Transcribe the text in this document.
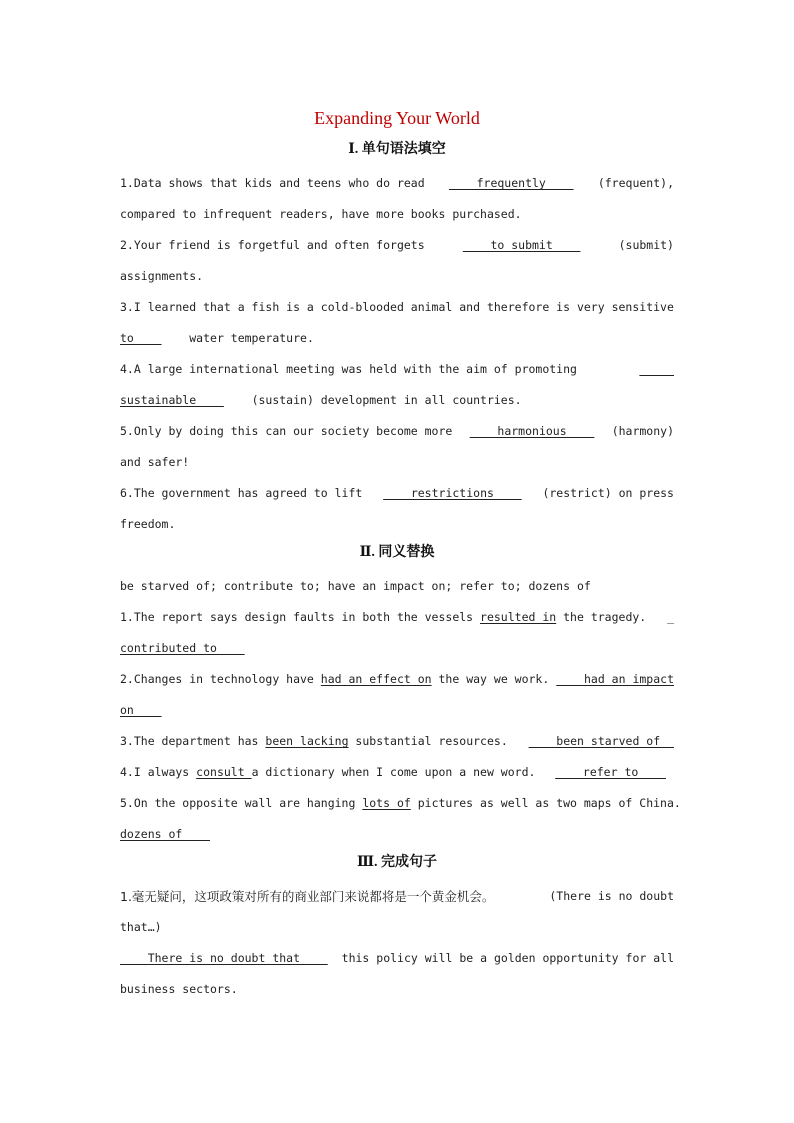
Expanding Your World
Ⅰ. 单句语法填空
1.Data shows that kids and teens who do read frequently (frequent),
compared to infrequent readers, have more books purchased.
2.Your friend is forgetful and often forgets	to submit	(submit)
assignments.
3.I learned that a fish is a cold-blooded animal and therefore is very sensitive
to
water temperature.
4.A large international meeting was held with the aim of promoting

sustainable
(sustain) development in all countries.
5.Only by doing this can our society become more harmonious (harmony)
and safer!
6.The government has agreed to lift restrictions (restrict) on press
freedom.
Ⅱ. 同义替换
be starved of; contribute to; have an impact on; refer to; dozens of
1.The report says design faults in both the vessels resulted in the tragedy. _
contributed to
2.Changes in technology have had an effect on the way we work. had an impact
on
3.The department has been lacking substantial resources. been starved of
4.I always consult a dictionary when I come upon a new word. refer to
5.On the opposite wall are hanging lots of pictures as well as two maps of China.
dozens of
Ⅲ. 完成句子
1.毫无疑问，这项政策对所有的商业部门来说都将是一个黄金机会。	(There is no doubt
that…)
There is no doubt that this policy will be a golden opportunity for all
business sectors.
